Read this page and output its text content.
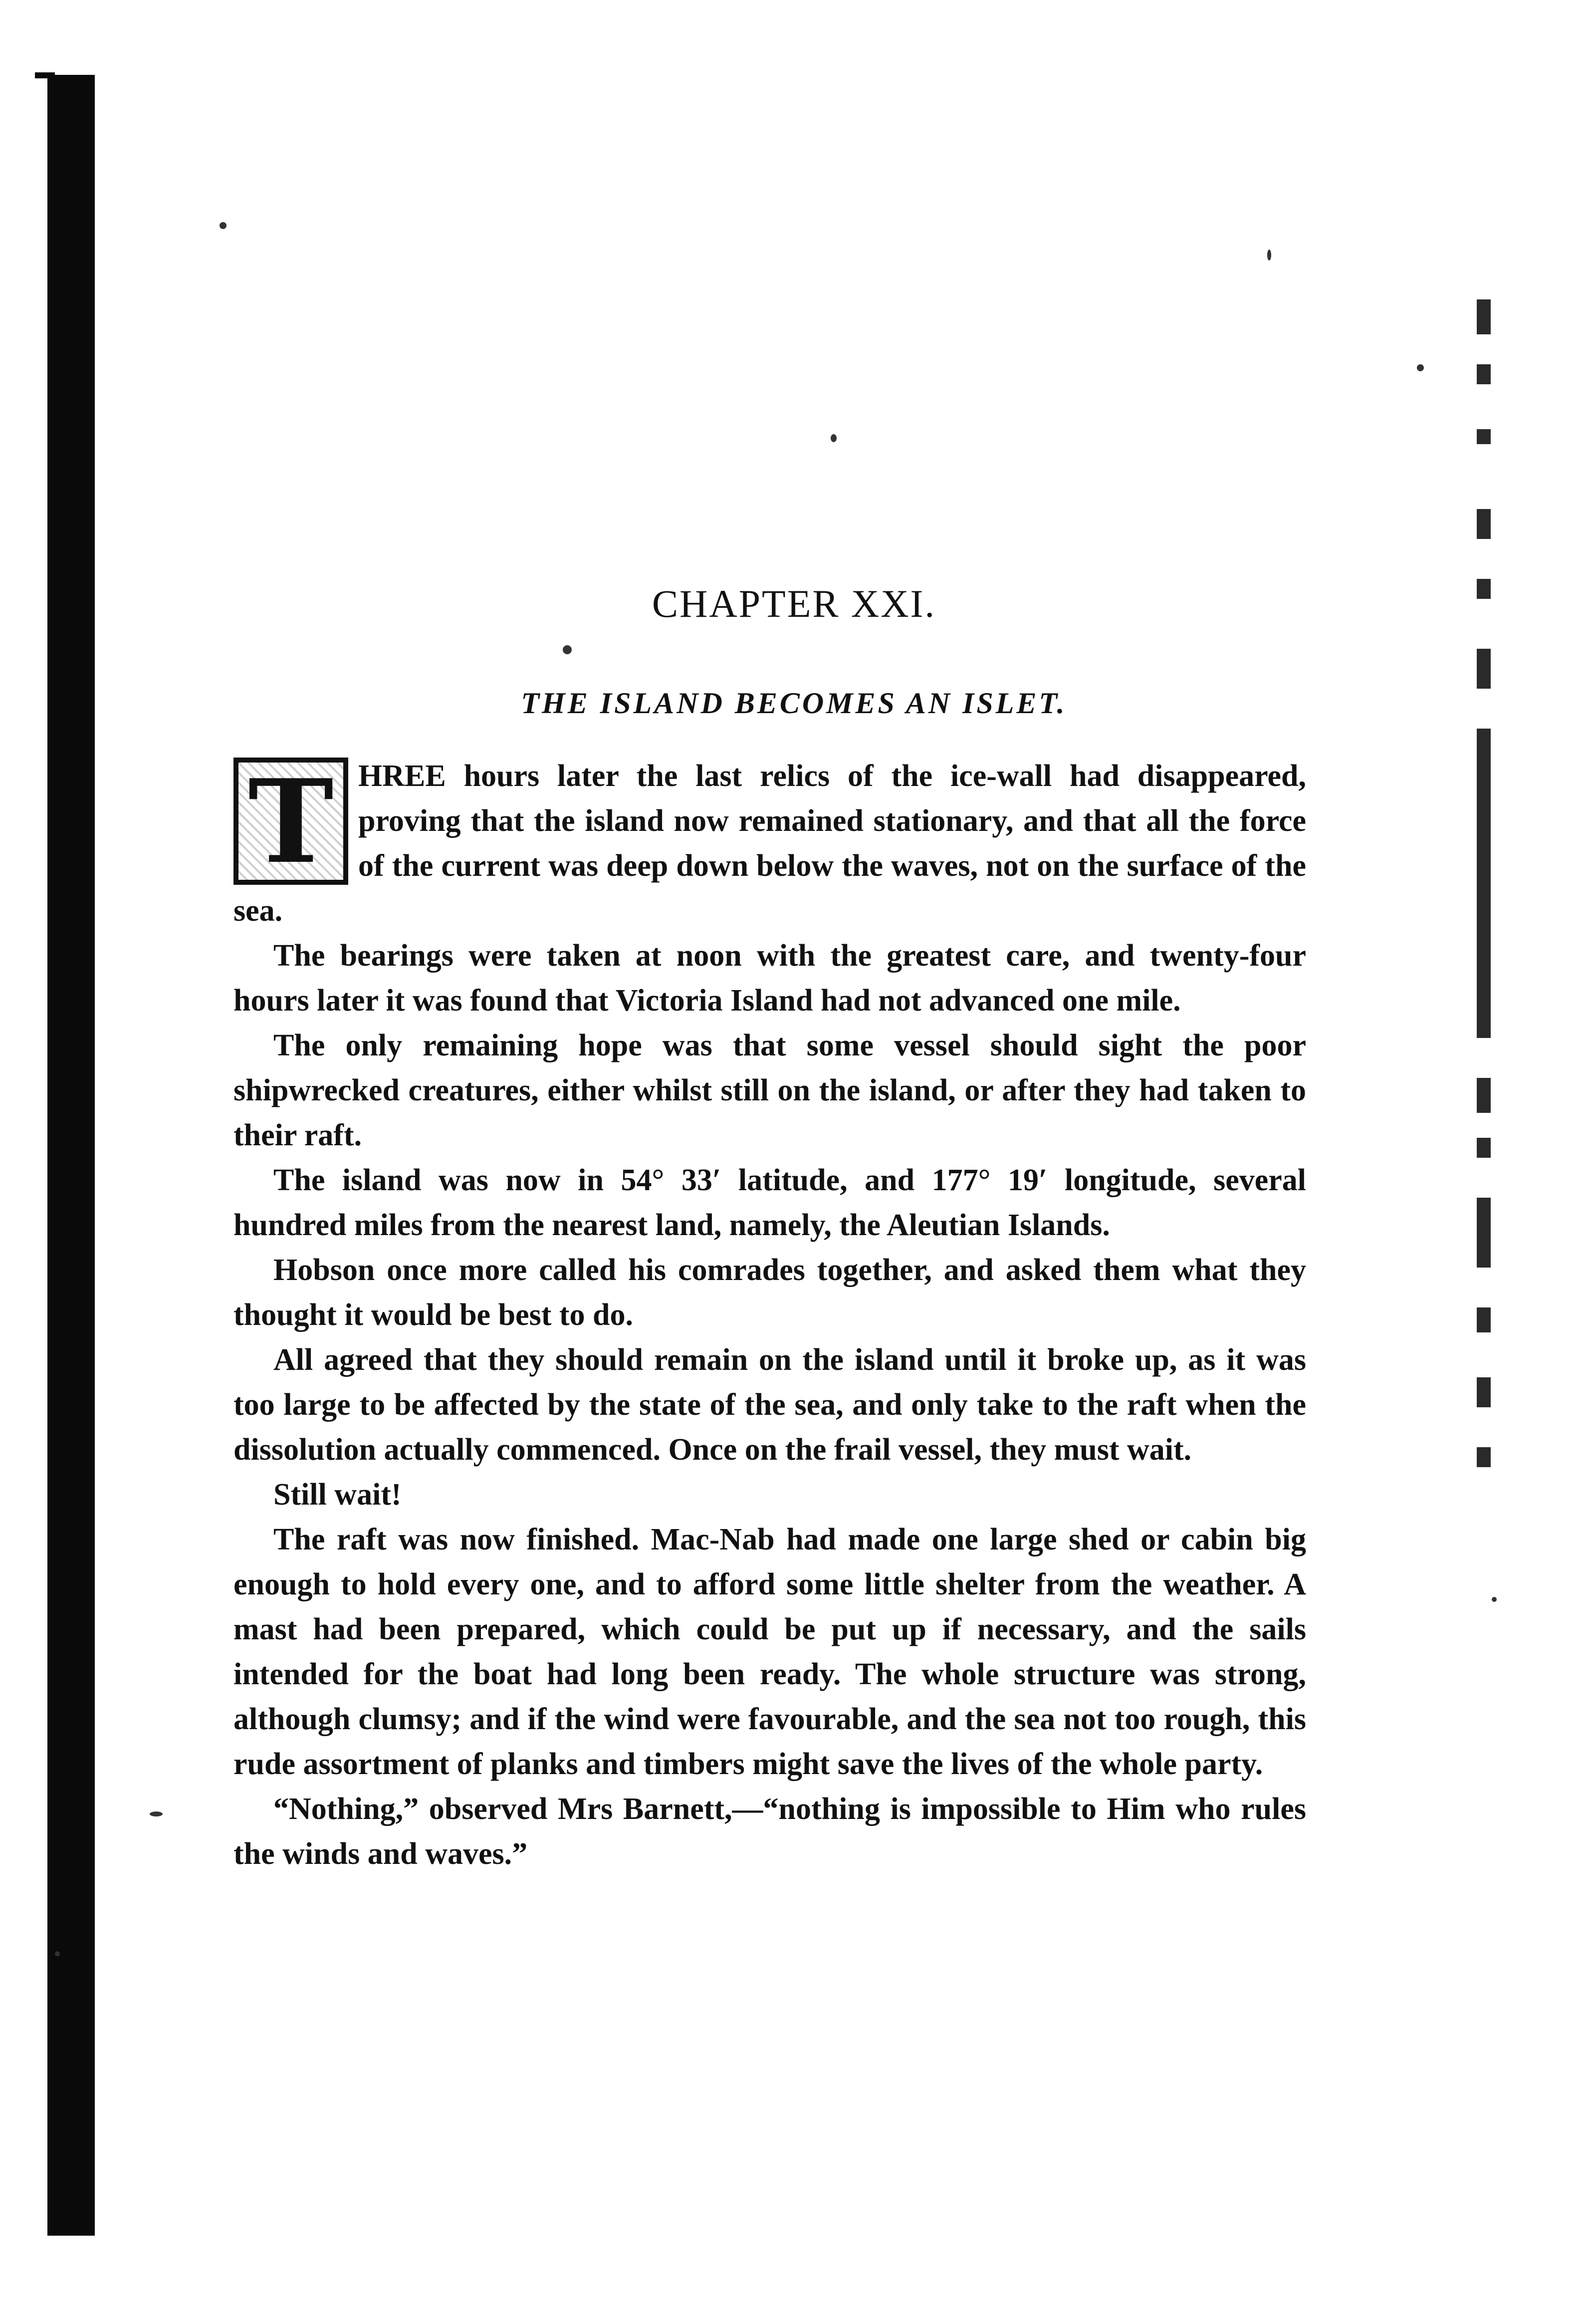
CHAPTER XXI.
THE ISLAND BECOMES AN ISLET.

THREE hours later the last relics of the ice-wall had disappeared, proving that the island now remained stationary, and that all the force of the current was deep down below the waves, not on the surface of the sea.

The bearings were taken at noon with the greatest care, and twenty-four hours later it was found that Victoria Island had not advanced one mile.

The only remaining hope was that some vessel should sight the poor shipwrecked creatures, either whilst still on the island, or after they had taken to their raft.

The island was now in 54° 33′ latitude, and 177° 19′ longitude, several hundred miles from the nearest land, namely, the Aleutian Islands.

Hobson once more called his comrades together, and asked them what they thought it would be best to do.

All agreed that they should remain on the island until it broke up, as it was too large to be affected by the state of the sea, and only take to the raft when the dissolution actually commenced. Once on the frail vessel, they must wait.

Still wait!

The raft was now finished. Mac-Nab had made one large shed or cabin big enough to hold every one, and to afford some little shelter from the weather. A mast had been prepared, which could be put up if necessary, and the sails intended for the boat had long been ready. The whole structure was strong, although clumsy; and if the wind were favourable, and the sea not too rough, this rude assortment of planks and timbers might save the lives of the whole party.

“Nothing,” observed Mrs Barnett,—“nothing is impossible to Him who rules the winds and waves.”
